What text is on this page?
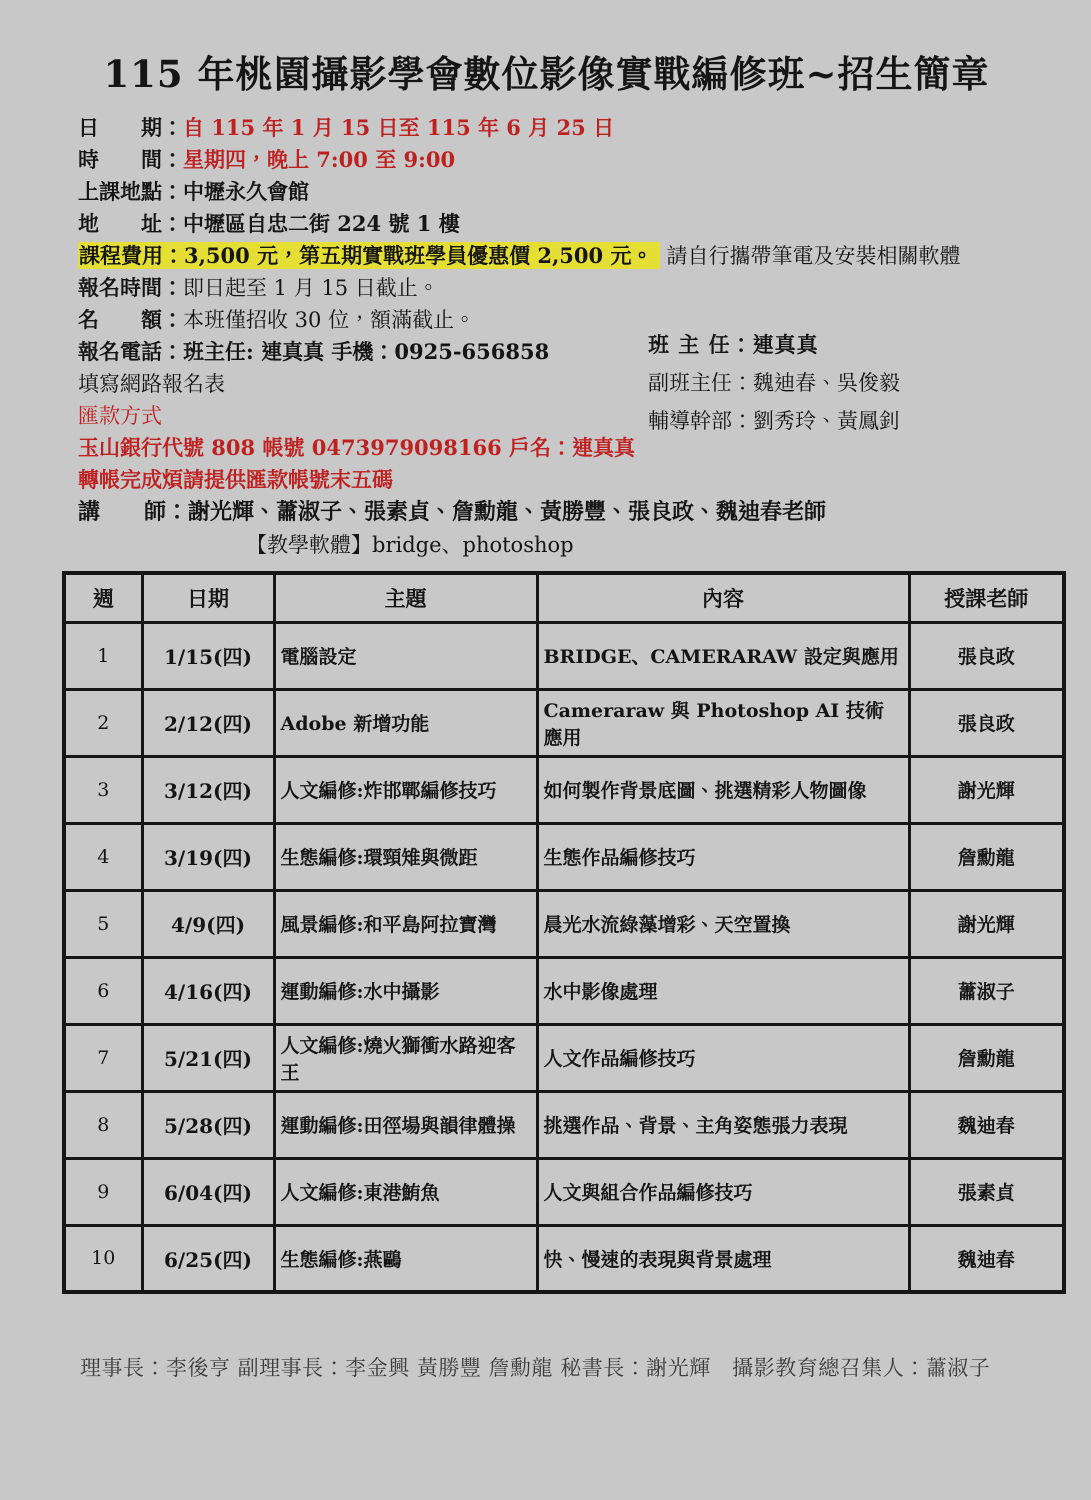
115 年桃園攝影學會數位影像實戰編修班~招生簡章
日　　期：自 115 年 1 月 15 日至 115 年 6 月 25 日
時　　間：星期四，晚上 7:00 至 9:00
上課地點：中壢永久會館
地　　址：中壢區自忠二街 224 號 1 樓
課程費用：3,500 元，第五期實戰班學員優惠價 2,500 元。 請自行攜帶筆電及安裝相關軟體
報名時間：即日起至 1 月 15 日截止。
名　　額：本班僅招收 30 位，額滿截止。
報名電話：班主任: 連真真 手機：0925-656858
填寫網路報名表
匯款方式
玉山銀行代號 808 帳號 0473979098166 戶名：連真真
轉帳完成煩請提供匯款帳號末五碼
講　　師：謝光輝、蕭淑子、張素貞、詹勳龍、黃勝豐、張良政、魏迪春老師
【教學軟體】bridge、photoshop
班 主 任：連真真
副班主任：魏迪春、吳俊毅
輔導幹部：劉秀玲、黃鳳釗
週	日期	主題	內容	授課老師
1	1/15(四)	電腦設定	BRIDGE、CAMERARAW 設定與應用	張良政
2	2/12(四)	Adobe 新增功能	Cameraraw 與 Photoshop AI 技術應用	張良政
3	3/12(四)	人文編修:炸邯鄲編修技巧	如何製作背景底圖、挑選精彩人物圖像	謝光輝
4	3/19(四)	生態編修:環頸雉與微距	生態作品編修技巧	詹勳龍
5	4/9(四)	風景編修:和平島阿拉寶灣	晨光水流綠藻增彩、天空置換	謝光輝
6	4/16(四)	運動編修:水中攝影	水中影像處理	蕭淑子
7	5/21(四)	人文編修:燒火獅衝水路迎客王	人文作品編修技巧	詹勳龍
8	5/28(四)	運動編修:田徑場與韻律體操	挑選作品、背景、主角姿態張力表現	魏迪春
9	6/04(四)	人文編修:東港鮪魚	人文與組合作品編修技巧	張素貞
10	6/25(四)	生態編修:燕鷗	快、慢速的表現與背景處理	魏迪春
理事長：李後亨 副理事長：李金興 黃勝豐 詹勳龍 秘書長：謝光輝　攝影教育總召集人：蕭淑子
